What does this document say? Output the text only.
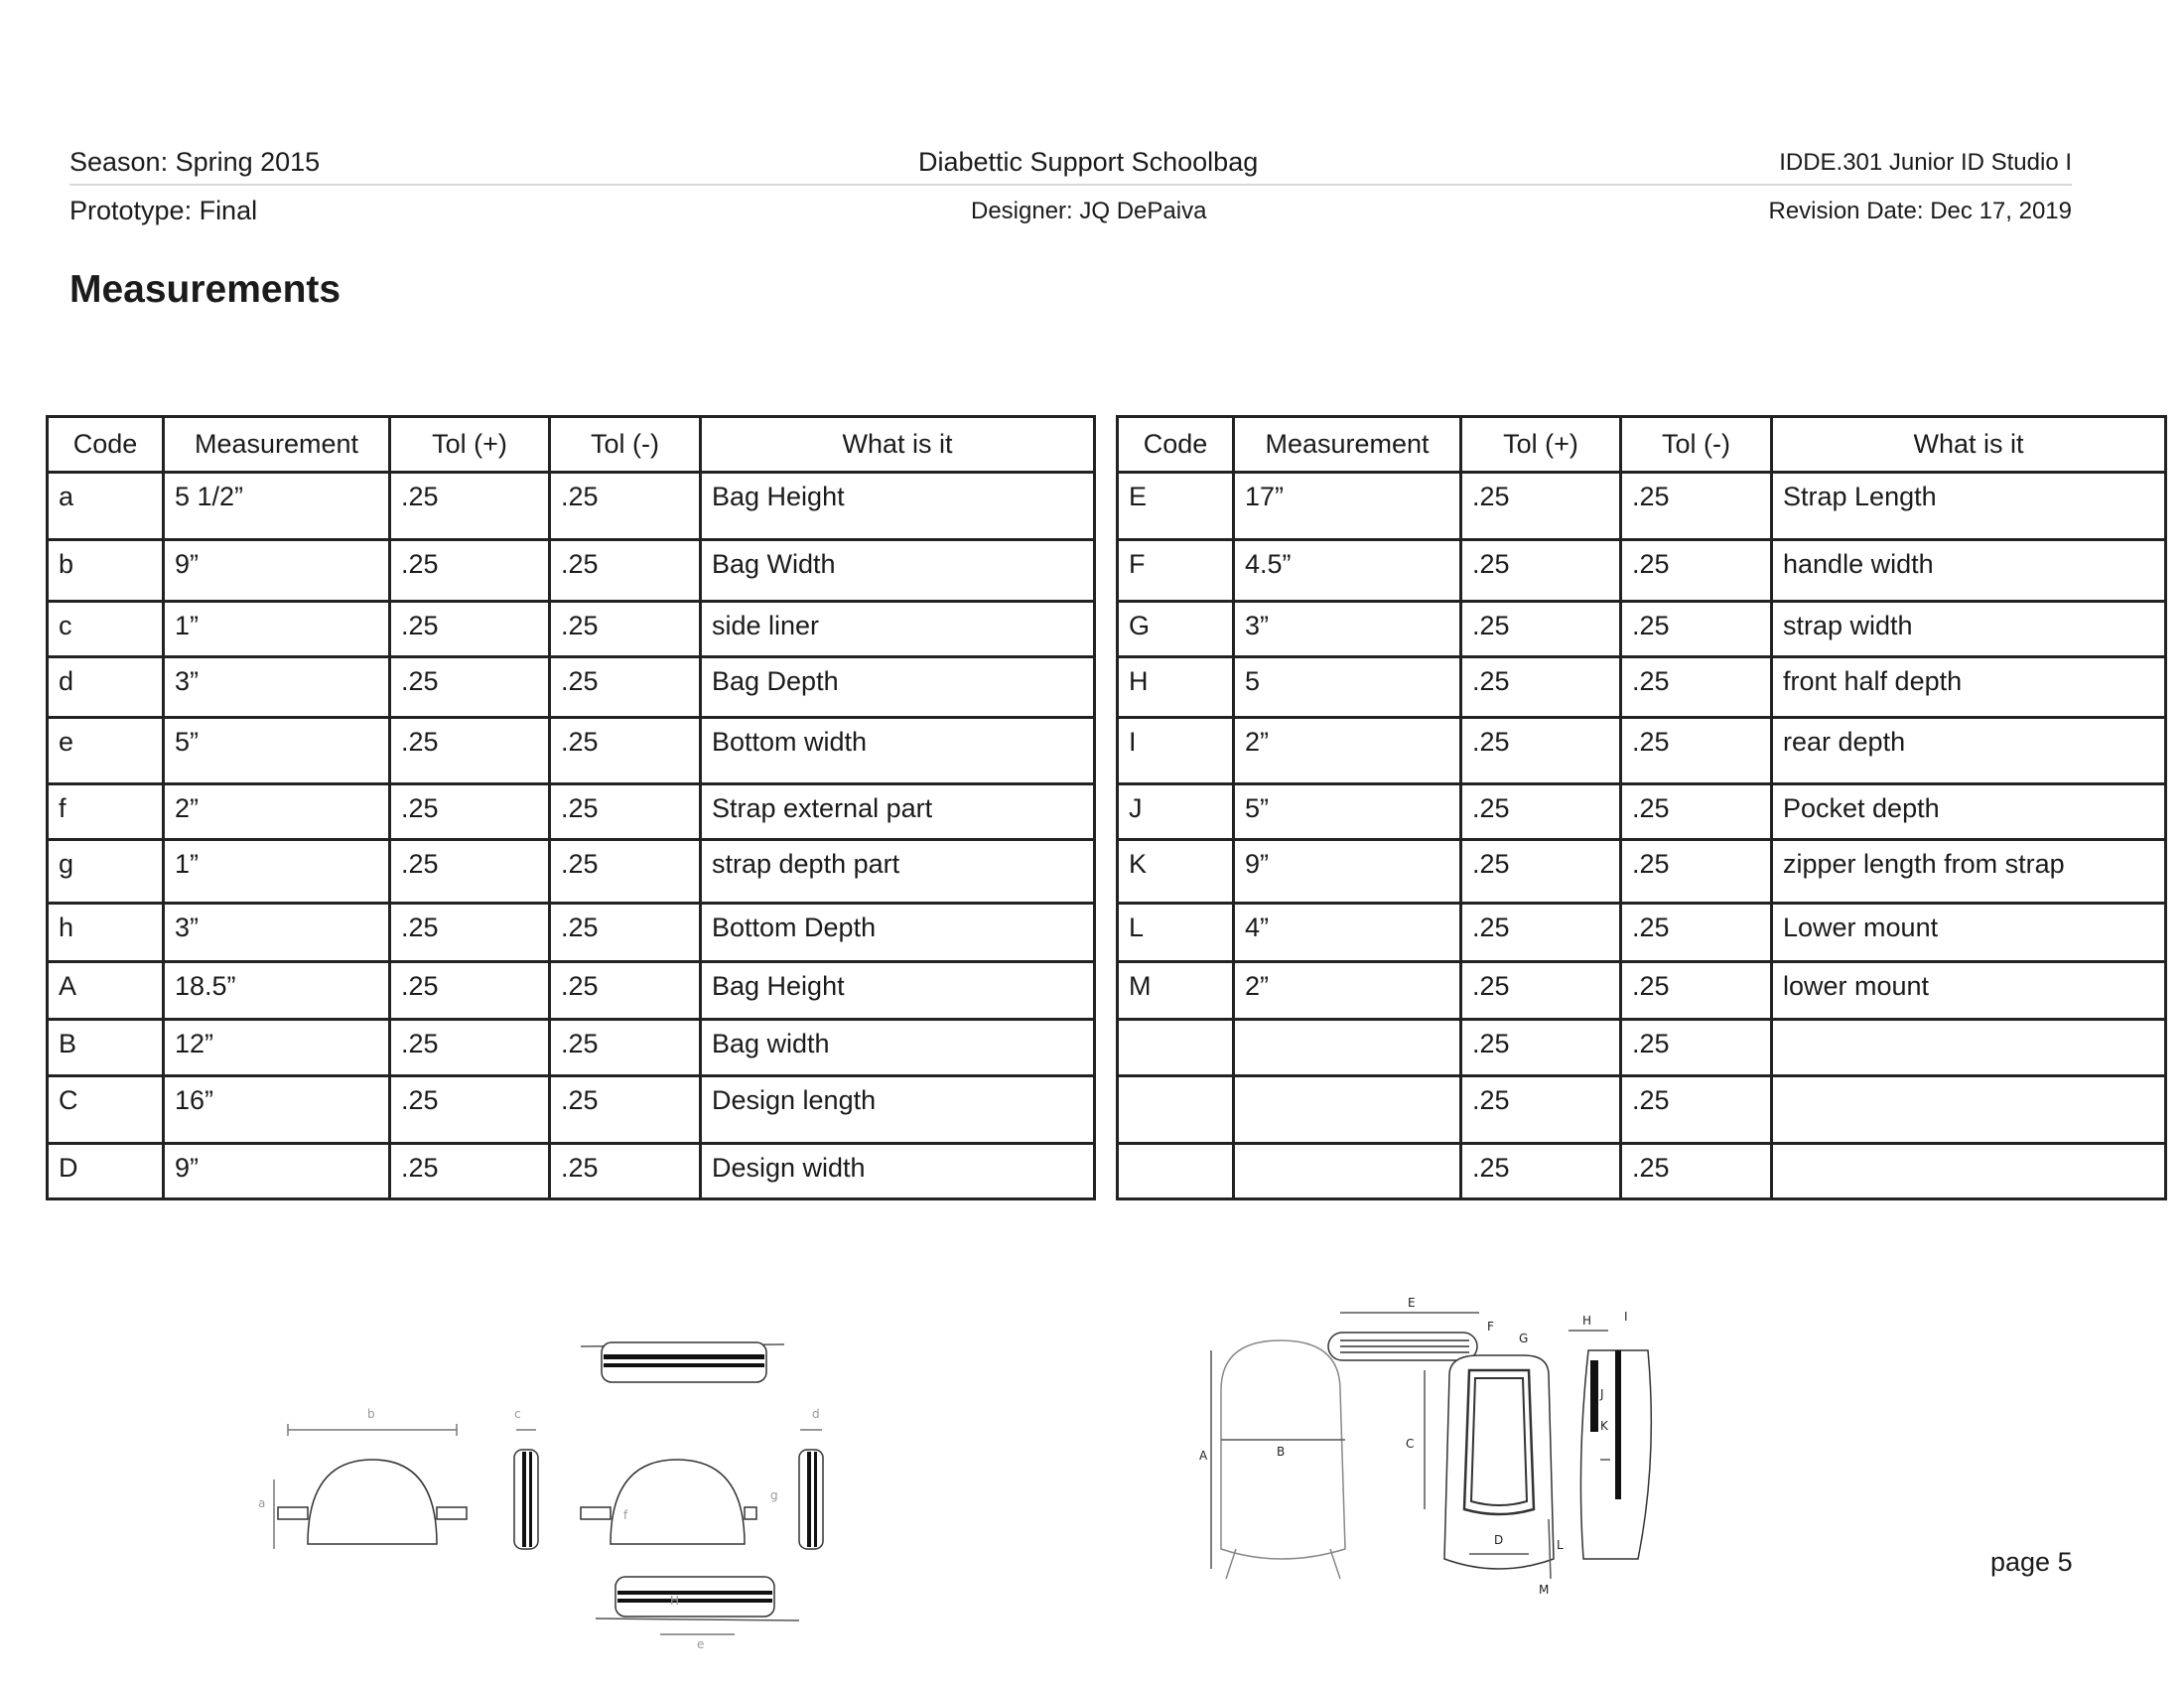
Season: Spring 2015	Diabettic Support Schoolbag	IDDE.301 Junior ID Studio I
Prototype: Final	Designer: JQ DePaiva	Revision Date: Dec 17, 2019
Measurements
Code	Measurement	Tol (+)	Tol (-)	What is it
a	5 1/2”	.25	.25	Bag Height
b	9”	.25	.25	Bag Width
c	1”	.25	.25	side liner
d	3”	.25	.25	Bag Depth
e	5”	.25	.25	Bottom width
f	2”	.25	.25	Strap external part
g	1”	.25	.25	strap depth part
h	3”	.25	.25	Bottom Depth
A	18.5”	.25	.25	Bag Height
B	12”	.25	.25	Bag width
C	16”	.25	.25	Design length
D	9”	.25	.25	Design width
Code	Measurement	Tol (+)	Tol (-)	What is it
E	17”	.25	.25	Strap Length
F	4.5”	.25	.25	handle width
G	3”	.25	.25	strap width
H	5	.25	.25	front half depth
I	2”	.25	.25	rear depth
J	5”	.25	.25	Pocket depth
K	9”	.25	.25	zipper length from strap
L	4”	.25	.25	Lower mount
M	2”	.25	.25	lower mount
		.25	.25	
		.25	.25	
		.25	.25	
b
a
c	d
f
g
H
e
E
F
G
H	I
J
K
A	B
C
D	L
M
page 5
